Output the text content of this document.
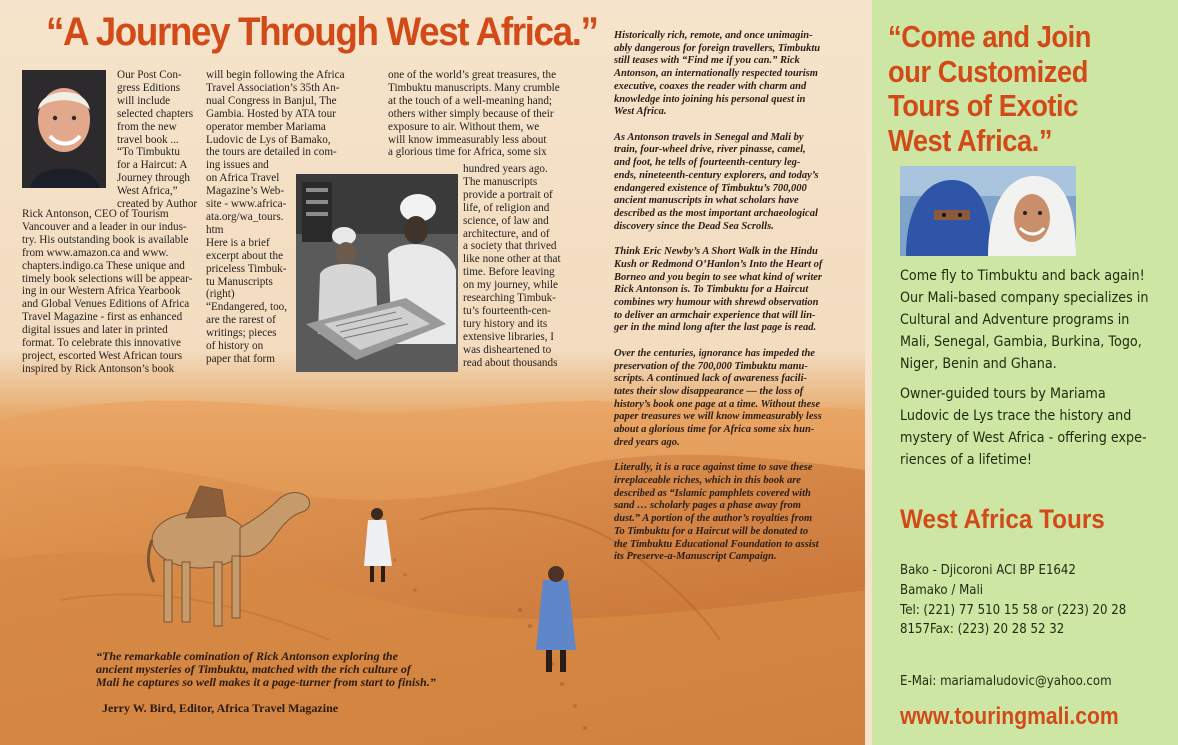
“A Journey Through West Africa.”

Our Post Con-
gress Editions
will include
selected chapters
from the new
travel book ...
“To Timbuktu
for a Haircut: A
Journey through
West Africa,”
created by Author

Rick Antonson, CEO of Tourism
Vancouver and a leader in our indus-
try. His outstanding book is available
from www.amazon.ca and www.
chapters.indigo.ca These unique and
timely book selections will be appear-
ing in our Western Africa Yearbook
and Global Venues Editions of Africa
Travel Magazine - first as enhanced
digital issues and later in printed
format. To celebrate this innovative
project, escorted West African tours
inspired by Rick Antonson’s book

will begin following the Africa
Travel Association’s 35th An-
nual Congress in Banjul, The
Gambia. Hosted by ATA tour
operator member Mariama
Ludovic de Lys of Bamako,
the tours are detailed in com-
ing issues and
on Africa Travel
Magazine’s Web-
site - www.africa-
ata.org/wa_tours.
htm
Here is a brief
excerpt about the
priceless Timbuk-
tu Manuscripts
(right)
“Endangered, too,
are the rarest of
writings; pieces
of history on
paper that form

one of the world’s great treasures, the
Timbuktu manuscripts. Many crumble
at the touch of a well-meaning hand;
others wither simply because of their
exposure to air. Without them, we
will know immeasurably less about
a glorious time for Africa, some six

hundred years ago.
The manuscripts
provide a portrait of
life, of religion and
science, of law and
architecture, and of
a society that thrived
like none other at that
time. Before leaving
on my journey, while
researching Timbuk-
tu’s fourteenth-cen-
tury history and its
extensive libraries, I
was disheartened to
read about thousands

Historically rich, remote, and once unimagin-
ably dangerous for foreign travellers, Timbuktu
still teases with “Find me if you can.” Rick
Antonson, an internationally respected tourism
executive, coaxes the reader with charm and
knowledge into joining his personal quest in
West Africa.

As Antonson travels in Senegal and Mali by
train, four-wheel drive, river pinasse, camel,
and foot, he tells of fourteenth-century leg-
ends, nineteenth-century explorers, and today’s
endangered existence of Timbuktu’s 700,000
ancient manuscripts in what scholars have
described as the most important archaeological
discovery since the Dead Sea Scrolls.

Think Eric Newby’s A Short Walk in the Hindu
Kush or Redmond O’Hanlon’s Into the Heart of
Borneo and you begin to see what kind of writer
Rick Antonson is. To Timbuktu for a Haircut
combines wry humour with shrewd observation
to deliver an armchair experience that will lin-
ger in the mind long after the last page is read.

Over the centuries, ignorance has impeded the
preservation of the 700,000 Timbuktu manu-
scripts. A continued lack of awareness facili-
tates their slow disappearance — the loss of
history’s book one page at a time. Without these
paper treasures we will know immeasurably less
about a glorious time for Africa some six hun-
dred years ago.

Literally, it is a race against time to save these
irreplaceable riches, which in this book are
described as “Islamic pamphlets covered with
sand … scholarly pages a phase away from
dust.” A portion of the author’s royalties from
To Timbuktu for a Haircut will be donated to
the Timbuktu Educational Foundation to assist
its Preserve-a-Manuscript Campaign.

“The remarkable comination of Rick Antonson exploring the
ancient mysteries of Timbuktu, matched with the rich culture of
Mali he captures so well makes it a page-turner from start to finish.”
Jerry W. Bird, Editor, Africa Travel Magazine
“Come and Join
our Customized
Tours of Exotic
West Africa.”
Come fly to Timbuktu and back again!
Our Mali-based company specializes in
Cultural and Adventure programs in
Mali, Senegal, Gambia, Burkina, Togo,
Niger, Benin and Ghana.
Owner-guided tours by Mariama
Ludovic de Lys trace the history and
mystery of West Africa - offering expe-
riences of a lifetime!
West Africa Tours
Bako - Djicoroni ACI BP E1642
Bamako / Mali
Tel: (221) 77 510 15 58 or (223) 20 28
8157Fax: (223) 20 28 52 32
E-Mai: mariamaludovic@yahoo.com
www.touringmali.com
